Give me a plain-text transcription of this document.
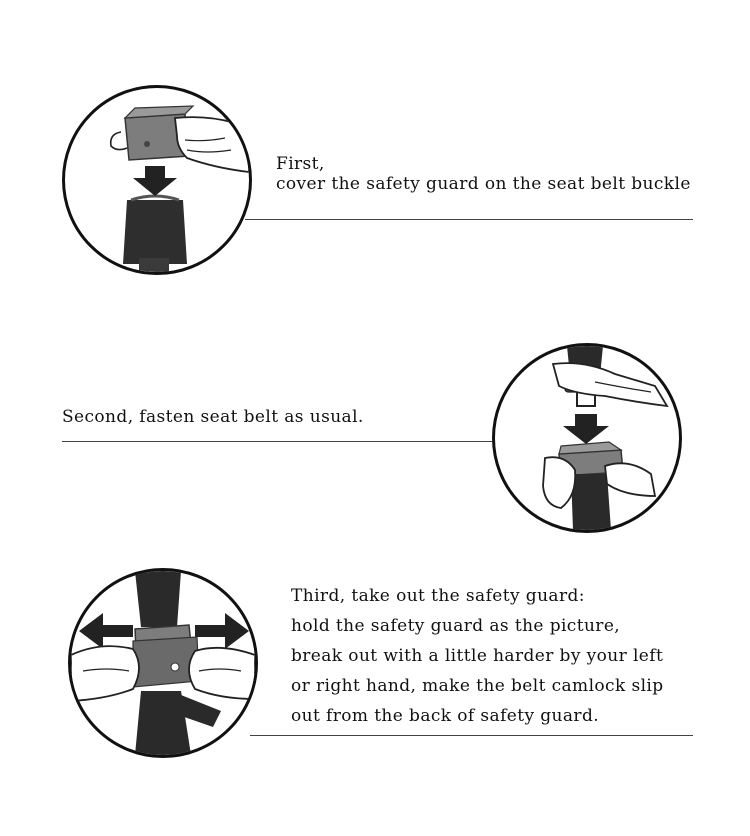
First,
cover the safety guard on the seat belt buckle
Second, fasten seat belt as usual.
Third, take out the safety guard:
hold the safety guard as the picture,
break out with a little harder by your left
or right hand, make the belt camlock slip
out from the back of safety guard.
